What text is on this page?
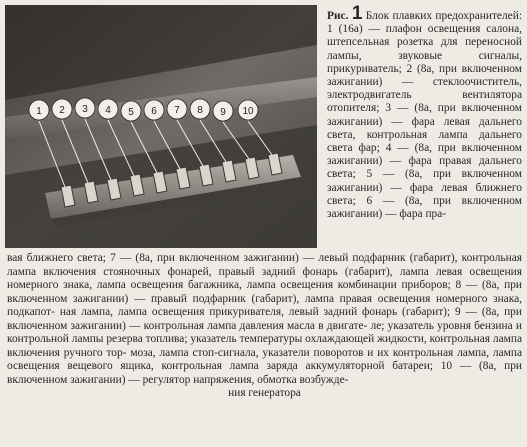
1 2 3 4 5 6 7 8 9 10
Рис. 1 Блок плавких предохранителей: 1 (16а) — плафон освещения салона, штепсельная розетка для переносной лампы, звуковые сигналы, прикуриватель; 2 (8а, при включенном зажигании) — стеклоочиститель, электродвигатель вентилятора отопителя; 3 — (8а, при включенном зажигании) — фара левая дальнего света, контрольная лампа дальнего света фар; 4 — (8а, при включенном зажигании) — фара правая дальнего света; 5 — (8а, при включенном зажигании) — фара левая ближнего света; 6 — (8а, при включенном зажигании) — фара пра-
вая ближнего света; 7 — (8а, при включенном зажигании) — левый подфарник (габарит), контрольная лампа включения стояночных фонарей, правый задний фонарь (габарит), лампа левая освещения номерного знака, лампа освещения багажника, лампа освещения комбинации приборов; 8 — (8а, при включенном зажигании) — правый подфарник (габарит), лампа правая освещения номерного знака, подкапот- ная лампа, лампа освещения прикуривателя, левый задний фонарь (габарит); 9 — (8а, при включенном зажигании) — контрольная лампа давления масла в двигате- ле; указатель уровня бензина и контрольной лампы резерва топлива; указатель температуры охлаждающей жидкости, контрольная лампа включения ручного тор- моза, лампа стоп-сигнала, указатели поворотов и их контрольная лампа, лампа освещения вещевого ящика, контрольная лампа заряда аккумуляторной батареи; 10 — (8а, при включенном зажигании) — регулятор напряжения, обмотка возбужде-
ния генератора
